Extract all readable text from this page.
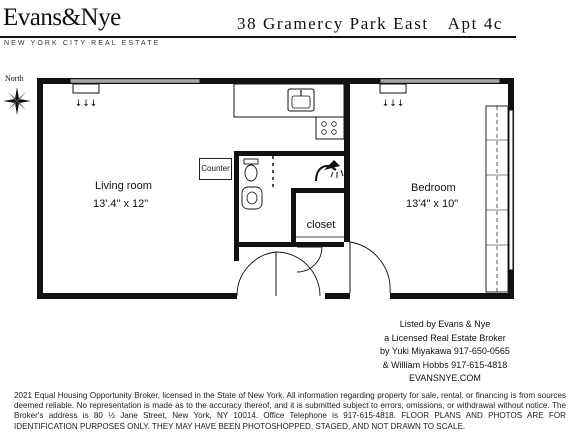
Evans&Nye
NEW YORK CITY REAL ESTATE
38 Gramercy Park East Apt 4c
North
↓↓↓	↓↓↓
Counter
Living room
13'.4" x 12"
Bedroom
13'4" x 10"
closet
Listed by Evans & Nye
a Licensed Real Estate Broker
by Yuki Miyakawa 917-650-0565
& William Hobbs 917-615-4818
EVANSNYE.COM
2021 Equal Housing Opportunity Broker, licensed in the State of New York. All information regarding property for sale, rental, or financing is from sources deemed reliable. No representation is made as to the accuracy thereof, and it is submitted subject to errors, omissions, or withdrawal without notice. The Broker's address is 80 ½ Jane Street, New York, NY 10014. Office Telephone is 917-615-4818. FLOOR PLANS AND PHOTOS ARE FOR IDENTIFICATION PURPOSES ONLY. THEY MAY HAVE BEEN PHOTOSHOPPED, STAGED, AND NOT DRAWN TO SCALE.
